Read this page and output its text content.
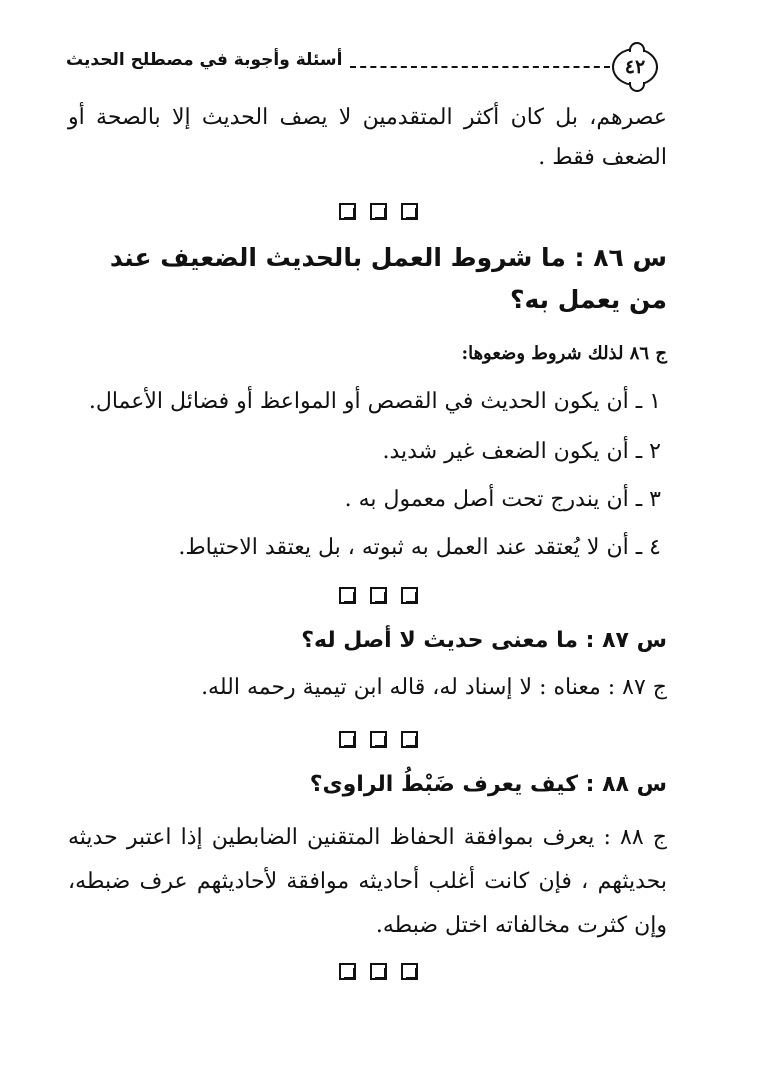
٤٢
أسئلة وأجوبة في مصطلح الحديث
عصرهم، بل كان أكثر المتقدمين لا يصف الحديث إلا بالصحة أو الضعف فقط .
س ٨٦ : ما شروط العمل بالحديث الضعيف عند من يعمل به؟
ج ٨٦ لذلك شروط وضعوها:
١ ـ أن يكون الحديث في القصص أو المواعظ أو فضائل الأعمال.
٢ ـ أن يكون الضعف غير شديد.
٣ ـ أن يندرج تحت أصل معمول به .
٤ ـ أن لا يُعتقد عند العمل به ثبوته ، بل يعتقد الاحتياط.
س ٨٧ : ما معنى حديث لا أصل له؟
ج ٨٧ : معناه : لا إسناد له، قاله ابن تيمية رحمه الله.
س ٨٨ : كيف يعرف ضَبْطُ الراوى؟
ج ٨٨ : يعرف بموافقة الحفاظ المتقنين الضابطين إذا اعتبر حديثه بحديثهم ، فإن كانت أغلب أحاديثه موافقة لأحاديثهم عرف ضبطه، وإن كثرت مخالفاته اختل ضبطه.
